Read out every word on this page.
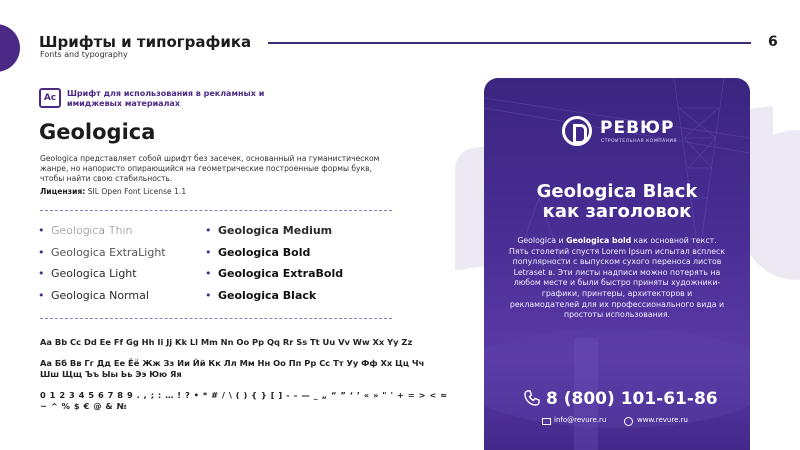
Шрифты и типографика
Fonts and typography
6
Ac	Шрифт для использования в рекламных и имиджевых материалах
Geologica
Geologica представляет собой шрифт без засечек, основанный на гуманистическом жанре, но напористо опирающийся на геометрические построенные формы букв, чтобы найти свою стабильность.
Лицензия: SIL Open Font License 1.1
• Geologica Thin
• Geologica ExtraLight
• Geologica Light
• Geologica Normal
• Geologica Medium
• Geologica Bold
• Geologica ExtraBold
• Geologica Black
Aa Bb Cc Dd Ee Ff Gg Hh Ii Jj Kk Ll Mm Nn Oo Pp Qq Rr Ss Tt Uu Vv Ww Xx Yy Zz
Аа Бб Вв Гг Дд Ее Ёё Жж Зз Ии Йй Кк Лл Мм Нн Оо Пп Рр Сс Тт Уу Фф Хх Цц Чч Шш Щщ Ъъ Ыы Ьь Ээ Юю Яя
0 1 2 3 4 5 6 7 8 9 . , ; : … ! ? • * # / \ ( ) { } [ ] - – — _ „ “ ” ‘ ’ « » " ' + = > < ≈ ~ ^ % $ € @ & №
РЕВЮР
СТРОИТЕЛЬНАЯ КОМПАНИЯ
Geologica Black
как заголовок
Geologica и Geologica bold как основной текст. Пять столетий спустя Lorem Ipsum испытал всплеск популярности с выпуском сухого переноса листов Letraset в. Эти листы надписи можно потерять на любом месте и были быстро приняты художники-графики, принтеры, архитекторов и рекламодателей для их профессионального вида и простоты использования.
8 (800) 101-61-86
info@revure.ru	www.revure.ru
